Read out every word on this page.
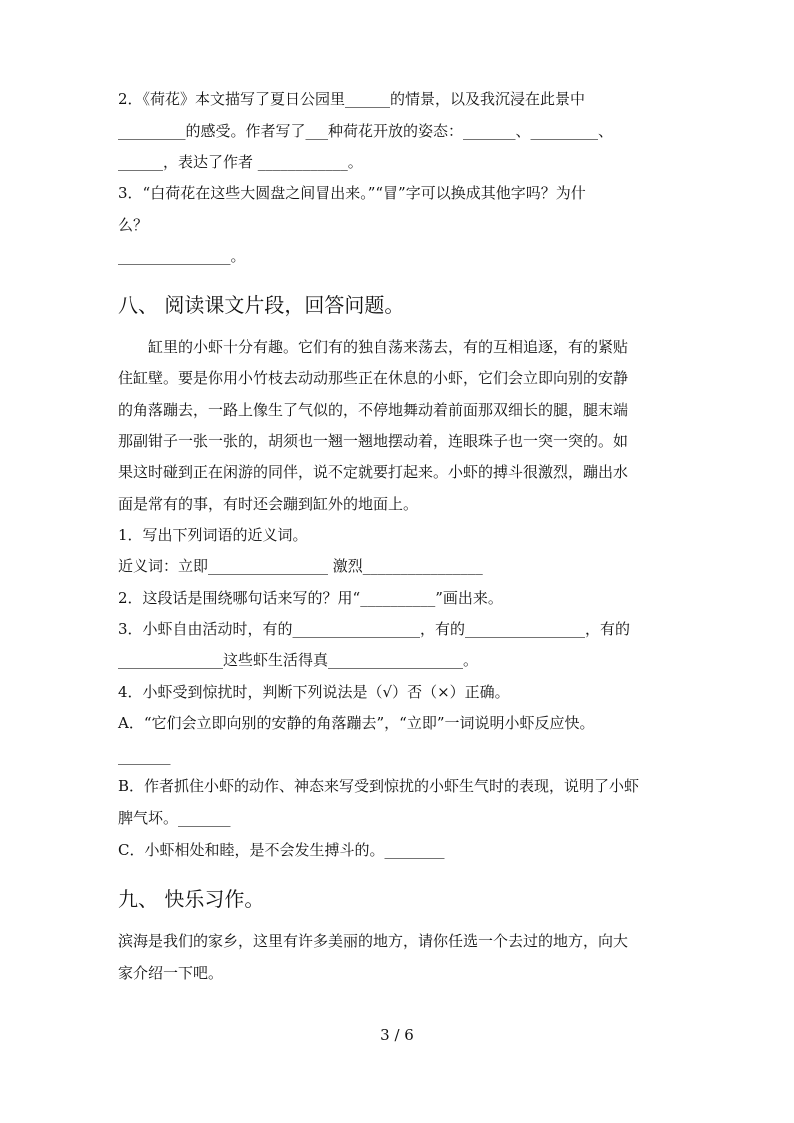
2．《荷花》本文描写了夏日公园里______的情景，以及我沉浸在此景中
_________的感受。作者写了___种荷花开放的姿态：_______、_________、
______，表达了作者 ____________。
3．“白荷花在这些大圆盘之间冒出来。”“冒”字可以换成其他字吗？为什
么？
_______________。
八、 阅读课文片段，回答问题。
　　缸里的小虾十分有趣。它们有的独自荡来荡去，有的互相追逐，有的紧贴
住缸壁。要是你用小竹枝去动动那些正在休息的小虾，它们会立即向别的安静
的角落蹦去，一路上像生了气似的，不停地舞动着前面那双细长的腿，腿末端
那副钳子一张一张的，胡须也一翘一翘地摆动着，连眼珠子也一突一突的。如
果这时碰到正在闲游的同伴，说不定就要打起来。小虾的搏斗很激烈，蹦出水
面是常有的事，有时还会蹦到缸外的地面上。
1．写出下列词语的近义词。
近义词：立即________________ 激烈________________
2．这段话是围绕哪句话来写的？用“__________”画出来。
3．小虾自由活动时，有的_________________，有的________________，有的
______________这些虾生活得真__________________。
4．小虾受到惊扰时，判断下列说法是（√）否（×）正确。
A．“它们会立即向别的安静的角落蹦去”，“立即”一词说明小虾反应快。
_______
B．作者抓住小虾的动作、神态来写受到惊扰的小虾生气时的表现，说明了小虾
脾气坏。_______
C．小虾相处和睦，是不会发生搏斗的。________
九、 快乐习作。
滨海是我们的家乡，这里有许多美丽的地方，请你任选一个去过的地方，向大
家介绍一下吧。
3 / 6
